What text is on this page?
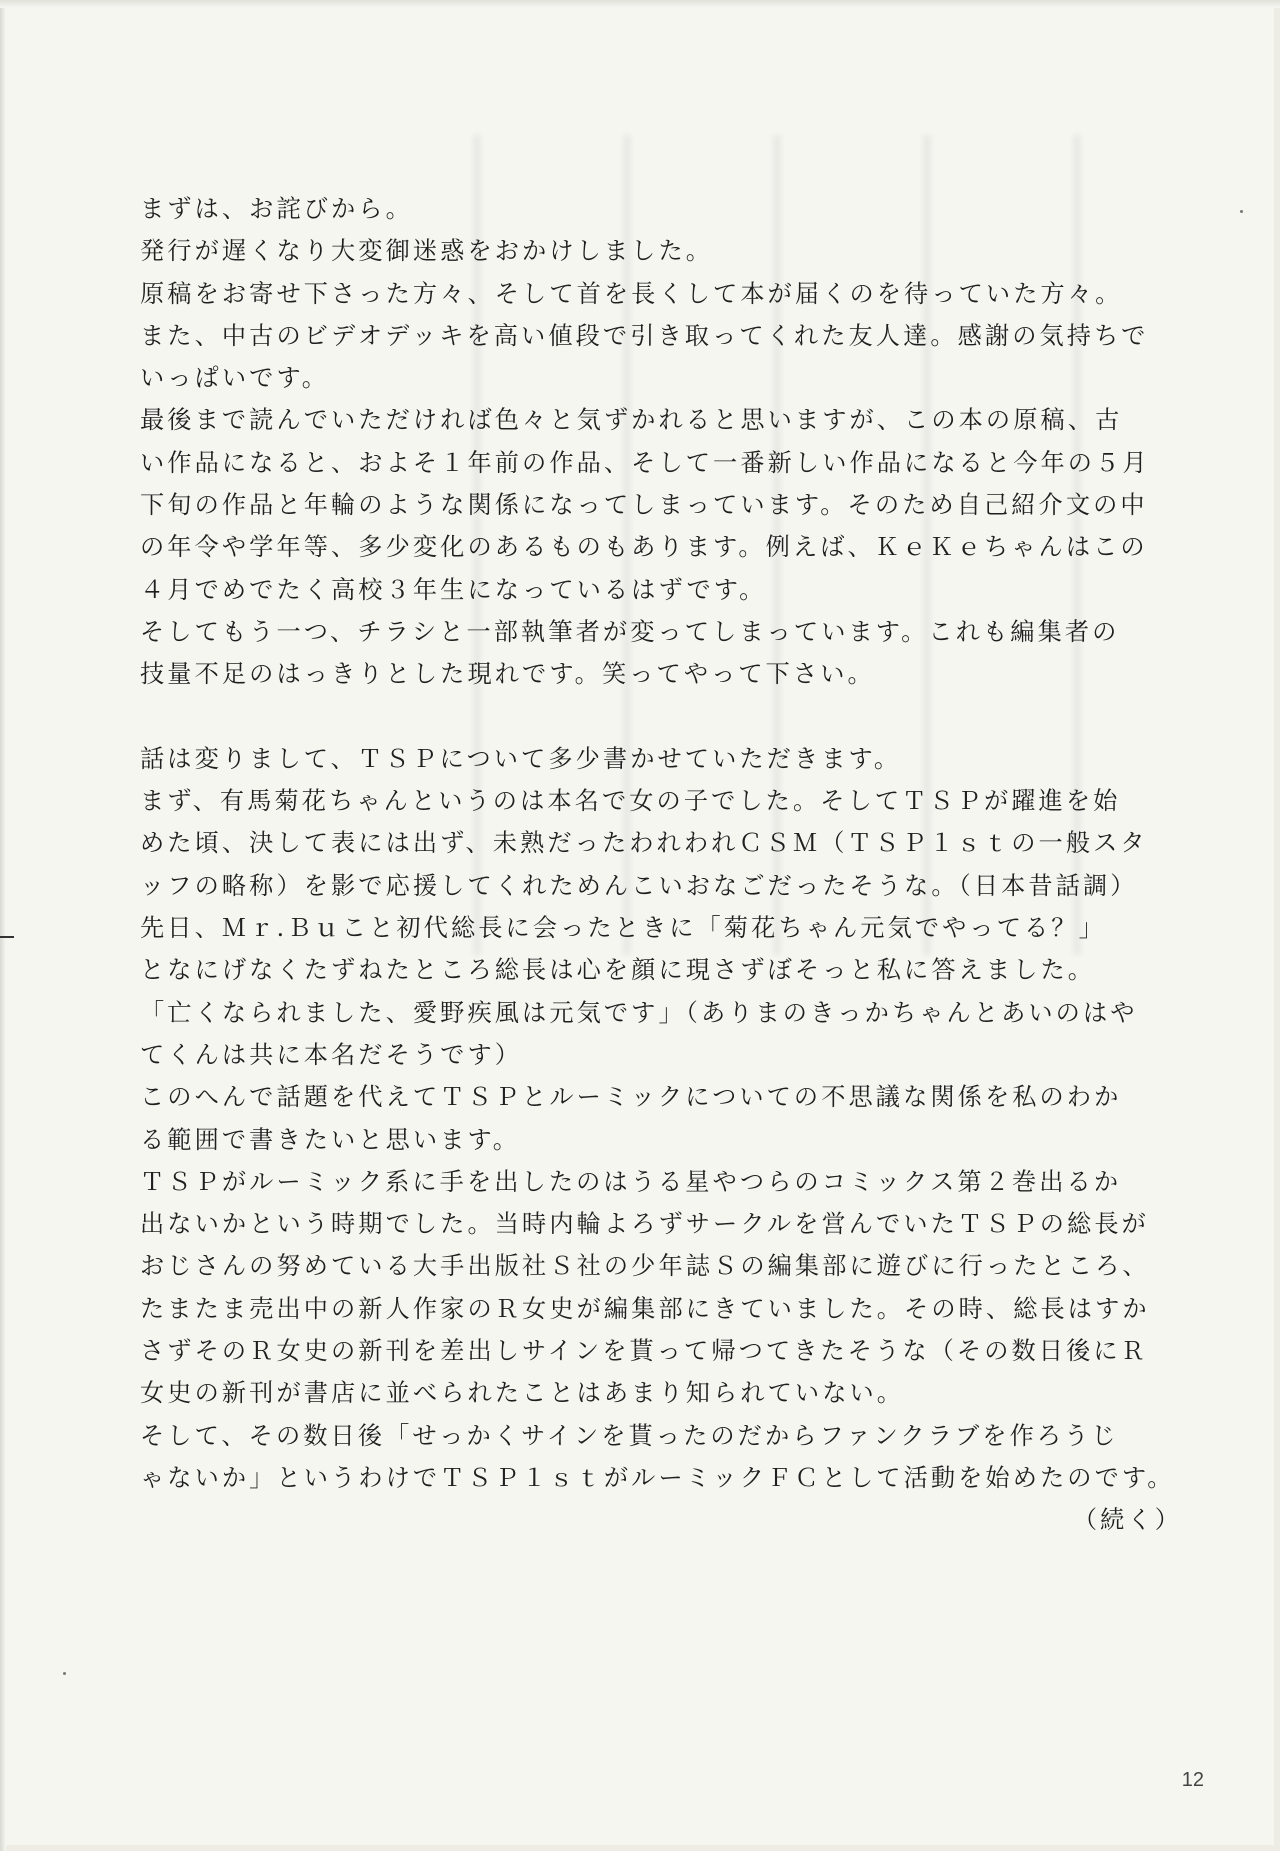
まずは、お詫びから。

発行が遅くなり大変御迷惑をおかけしました。

原稿をお寄せ下さった方々、そして首を長くして本が届くのを待っていた方々。
また、中古のビデオデッキを高い値段で引き取ってくれた友人達。感謝の気持ちで
いっぱいです。

最後まで読んでいただければ色々と気ずかれると思いますが、この本の原稿、古
い作品になると、およそ１年前の作品、そして一番新しい作品になると今年の５月
下旬の作品と年輪のような関係になってしまっています。そのため自己紹介文の中
の年令や学年等、多少変化のあるものもあります。例えば、ＫｅＫｅちゃんはこの
４月でめでたく高校３年生になっているはずです。

そしてもう一つ、チラシと一部執筆者が変ってしまっています。これも編集者の
技量不足のはっきりとした現れです。笑ってやって下さい。

話は変りまして、ＴＳＰについて多少書かせていただきます。

まず、有馬菊花ちゃんというのは本名で女の子でした。そしてＴＳＰが躍進を始
めた頃、決して表には出ず、未熟だったわれわれＣＳＭ（ＴＳＰ１ｓｔの一般スタ
ッフの略称）を影で応援してくれためんこいおなごだったそうな。（日本昔話調）

先日、Ｍｒ.Ｂｕこと初代総長に会ったときに「菊花ちゃん元気でやってる？」
となにげなくたずねたところ総長は心を顔に現さずぼそっと私に答えました。

「亡くなられました、愛野疾風は元気です」（ありまのきっかちゃんとあいのはや
てくんは共に本名だそうです）

このへんで話題を代えてＴＳＰとルーミックについての不思議な関係を私のわか
る範囲で書きたいと思います。

ＴＳＰがルーミック系に手を出したのはうる星やつらのコミックス第２巻出るか
出ないかという時期でした。当時内輪よろずサークルを営んでいたＴＳＰの総長が
おじさんの努めている大手出版社Ｓ社の少年誌Ｓの編集部に遊びに行ったところ、
たまたま売出中の新人作家のＲ女史が編集部にきていました。その時、総長はすか
さずそのＲ女史の新刊を差出しサインを貰って帰つてきたそうな（その数日後にＲ
女史の新刊が書店に並べられたことはあまり知られていない。

そして、その数日後「せっかくサインを貰ったのだからファンクラブを作ろうじ
ゃないか」というわけでＴＳＰ１ｓｔがルーミックＦＣとして活動を始めたのです。

（続く）

12
